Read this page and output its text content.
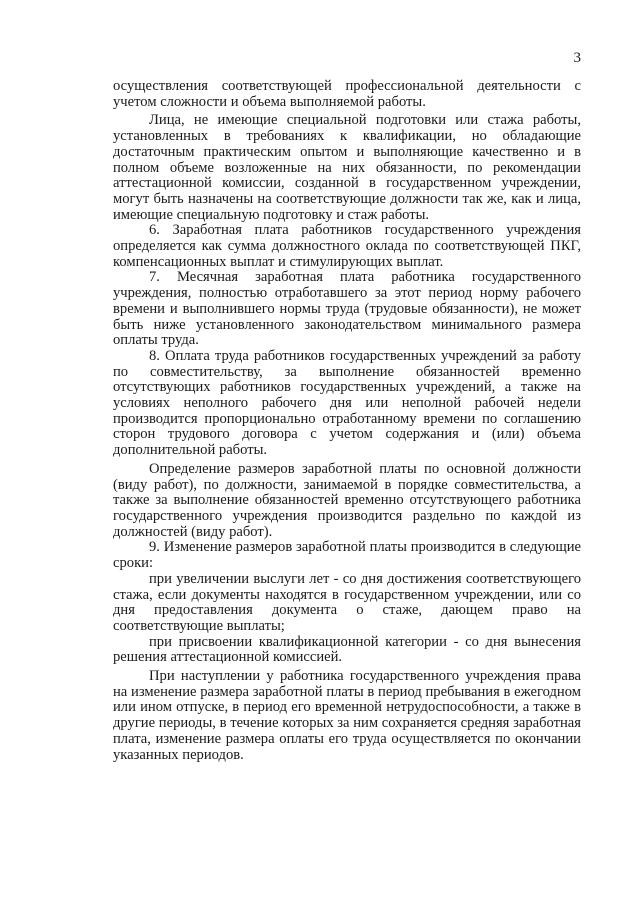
3

осуществления соответствующей профессиональной деятельности с учетом сложности и объема выполняемой работы.

Лица, не имеющие специальной подготовки или стажа работы, установленных в требованиях к квалификации, но обладающие достаточным практическим опытом и выполняющие качественно и в полном объеме возложенные на них обязанности, по рекомендации аттестационной комиссии, созданной в государственном учреждении, могут быть назначены на соответствующие должности так же, как и лица, имеющие специальную подготовку и стаж работы.

6. Заработная плата работников государственного учреждения определяется как сумма должностного оклада по соответствующей ПКГ, компенсационных выплат и стимулирующих выплат.

7. Месячная заработная плата работника государственного учреждения, полностью отработавшего за этот период норму рабочего времени и выполнившего нормы труда (трудовые обязанности), не может быть ниже установленного законодательством минимального размера оплаты труда.

8. Оплата труда работников государственных учреждений за работу по совместительству, за выполнение обязанностей временно отсутствующих работников государственных учреждений, а также на условиях неполного рабочего дня или неполной рабочей недели производится пропорционально отработанному времени по соглашению сторон трудового договора с учетом содержания и (или) объема дополнительной работы.

Определение размеров заработной платы по основной должности (виду работ), по должности, занимаемой в порядке совместительства, а также за выполнение обязанностей временно отсутствующего работника государственного учреждения производится раздельно по каждой из должностей (виду работ).

9. Изменение размеров заработной платы производится в следующие сроки:

при увеличении выслуги лет - со дня достижения соответствующего стажа, если документы находятся в государственном учреждении, или со дня предоставления документа о стаже, дающем право на соответствующие выплаты;

при присвоении квалификационной категории - со дня вынесения решения аттестационной комиссией.

При наступлении у работника государственного учреждения права на изменение размера заработной платы в период пребывания в ежегодном или ином отпуске, в период его временной нетрудоспособности, а также в другие периоды, в течение которых за ним сохраняется средняя заработная плата, изменение размера оплаты его труда осуществляется по окончании указанных периодов.
